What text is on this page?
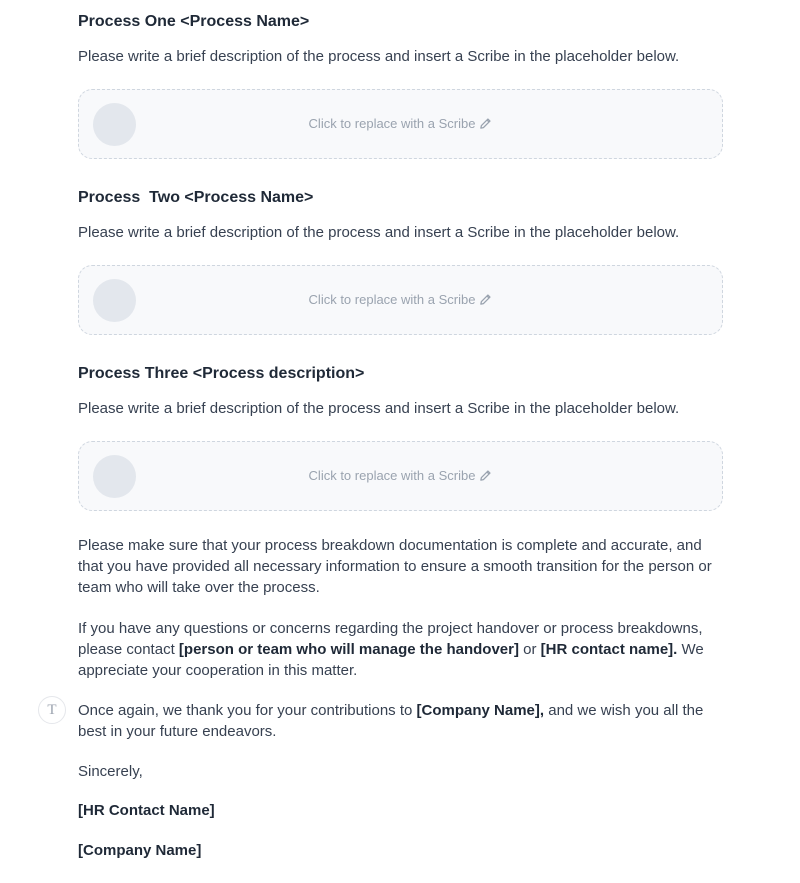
Process One <Process Name>

Please write a brief description of the process and insert a Scribe in the placeholder below.

Click to replace with a Scribe
Process  Two <Process Name>

Please write a brief description of the process and insert a Scribe in the placeholder below.

Click to replace with a Scribe
Process Three <Process description>

Please write a brief description of the process and insert a Scribe in the placeholder below.

Click to replace with a Scribe

Please make sure that your process breakdown documentation is complete and accurate, and that you have provided all necessary information to ensure a smooth transition for the person or team who will take over the process.

If you have any questions or concerns regarding the project handover or process breakdowns, please contact [person or team who will manage the handover] or [HR contact name]. We appreciate your cooperation in this matter.

Once again, we thank you for your contributions to [Company Name], and we wish you all the best in your future endeavors.

Sincerely,

[HR Contact Name]

[Company Name]

T
